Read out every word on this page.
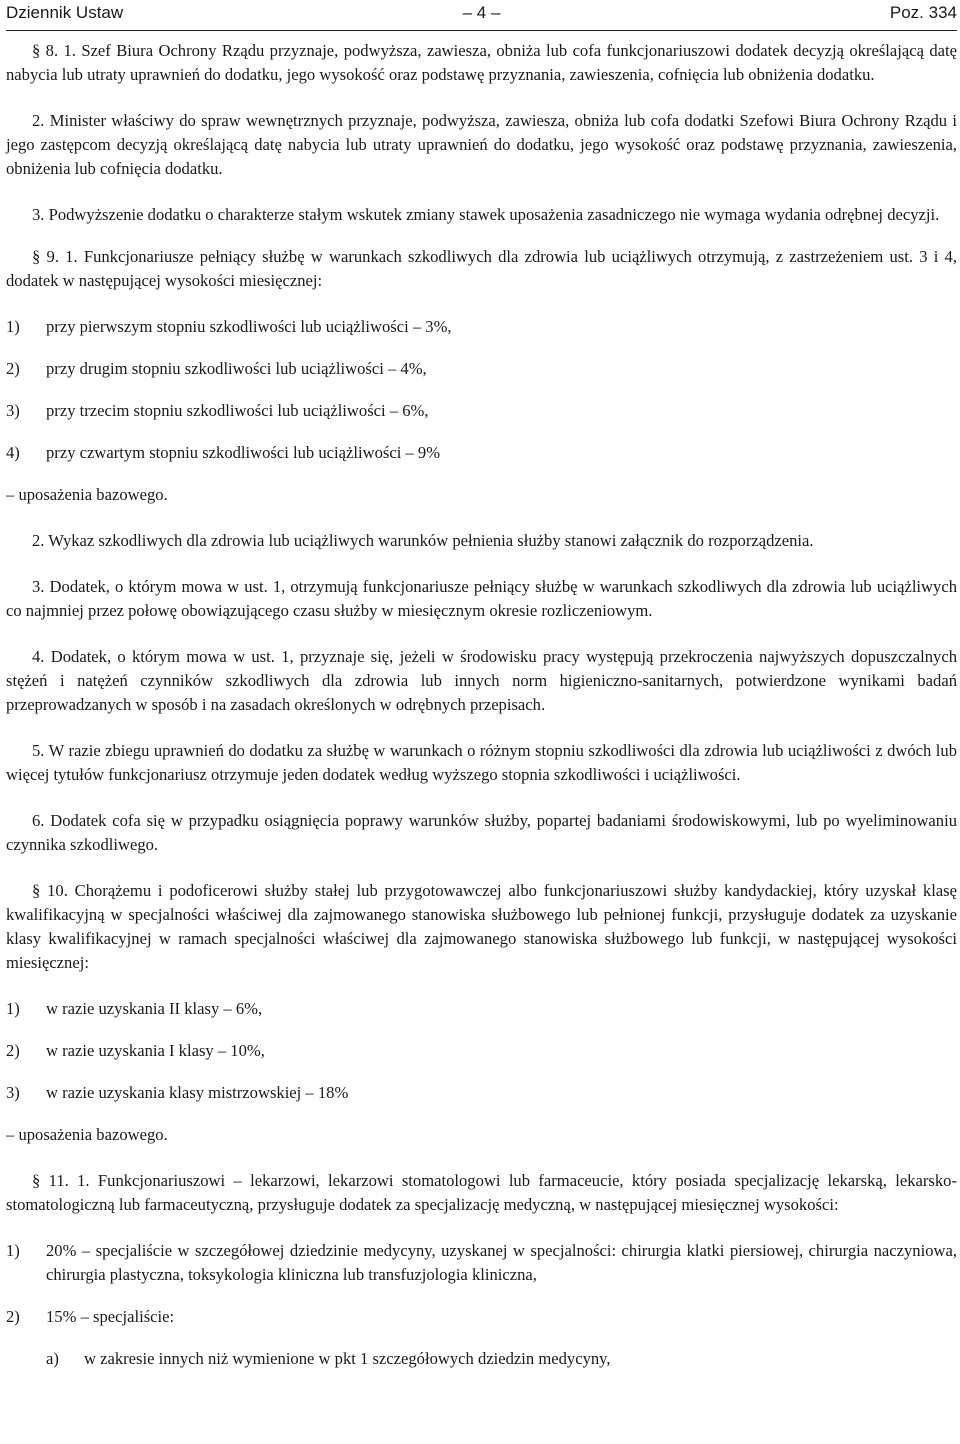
Dziennik Ustaw	– 4 –	Poz. 334

§ 8. 1. Szef Biura Ochrony Rządu przyznaje, podwyższa, zawiesza, obniża lub cofa funkcjonariuszowi dodatek decyzją określającą datę nabycia lub utraty uprawnień do dodatku, jego wysokość oraz podstawę przyznania, zawieszenia, cofnięcia lub obniżenia dodatku.

2. Minister właściwy do spraw wewnętrznych przyznaje, podwyższa, zawiesza, obniża lub cofa dodatki Szefowi Biura Ochrony Rządu i jego zastępcom decyzją określającą datę nabycia lub utraty uprawnień do dodatku, jego wysokość oraz podstawę przyznania, zawieszenia, obniżenia lub cofnięcia dodatku.

3. Podwyższenie dodatku o charakterze stałym wskutek zmiany stawek uposażenia zasadniczego nie wymaga wydania odrębnej decyzji.

§ 9. 1. Funkcjonariusze pełniący służbę w warunkach szkodliwych dla zdrowia lub uciążliwych otrzymują, z zastrzeżeniem ust. 3 i 4, dodatek w następującej wysokości miesięcznej:

1)	przy pierwszym stopniu szkodliwości lub uciążliwości – 3%,
2)	przy drugim stopniu szkodliwości lub uciążliwości – 4%,
3)	przy trzecim stopniu szkodliwości lub uciążliwości – 6%,
4)	przy czwartym stopniu szkodliwości lub uciążliwości – 9%

– uposażenia bazowego.

2. Wykaz szkodliwych dla zdrowia lub uciążliwych warunków pełnienia służby stanowi załącznik do rozporządzenia.

3. Dodatek, o którym mowa w ust. 1, otrzymują funkcjonariusze pełniący służbę w warunkach szkodliwych dla zdrowia lub uciążliwych co najmniej przez połowę obowiązującego czasu służby w miesięcznym okresie rozliczeniowym.

4. Dodatek, o którym mowa w ust. 1, przyznaje się, jeżeli w środowisku pracy występują przekroczenia najwyższych dopuszczalnych stężeń i natężeń czynników szkodliwych dla zdrowia lub innych norm higieniczno-sanitarnych, potwierdzone wynikami badań przeprowadzanych w sposób i na zasadach określonych w odrębnych przepisach.

5. W razie zbiegu uprawnień do dodatku za służbę w warunkach o różnym stopniu szkodliwości dla zdrowia lub uciążliwości z dwóch lub więcej tytułów funkcjonariusz otrzymuje jeden dodatek według wyższego stopnia szkodliwości i uciążliwości.

6. Dodatek cofa się w przypadku osiągnięcia poprawy warunków służby, popartej badaniami środowiskowymi, lub po wyeliminowaniu czynnika szkodliwego.

§ 10. Chorążemu i podoficerowi służby stałej lub przygotowawczej albo funkcjonariuszowi służby kandydackiej, który uzyskał klasę kwalifikacyjną w specjalności właściwej dla zajmowanego stanowiska służbowego lub pełnionej funkcji, przysługuje dodatek za uzyskanie klasy kwalifikacyjnej w ramach specjalności właściwej dla zajmowanego stanowiska służbowego lub funkcji, w następującej wysokości miesięcznej:

1)	w razie uzyskania II klasy – 6%,
2)	w razie uzyskania I klasy – 10%,
3)	w razie uzyskania klasy mistrzowskiej – 18%

– uposażenia bazowego.

§ 11. 1. Funkcjonariuszowi – lekarzowi, lekarzowi stomatologowi lub farmaceucie, który posiada specjalizację lekarską, lekarsko-stomatologiczną lub farmaceutyczną, przysługuje dodatek za specjalizację medyczną, w następującej miesięcznej wysokości:

1)	20% – specjaliście w szczegółowej dziedzinie medycyny, uzyskanej w specjalności: chirurgia klatki piersiowej, chirurgia naczyniowa, chirurgia plastyczna, toksykologia kliniczna lub transfuzjologia kliniczna,
2)	15% – specjaliście:
a)	w zakresie innych niż wymienione w pkt 1 szczegółowych dziedzin medycyny,
